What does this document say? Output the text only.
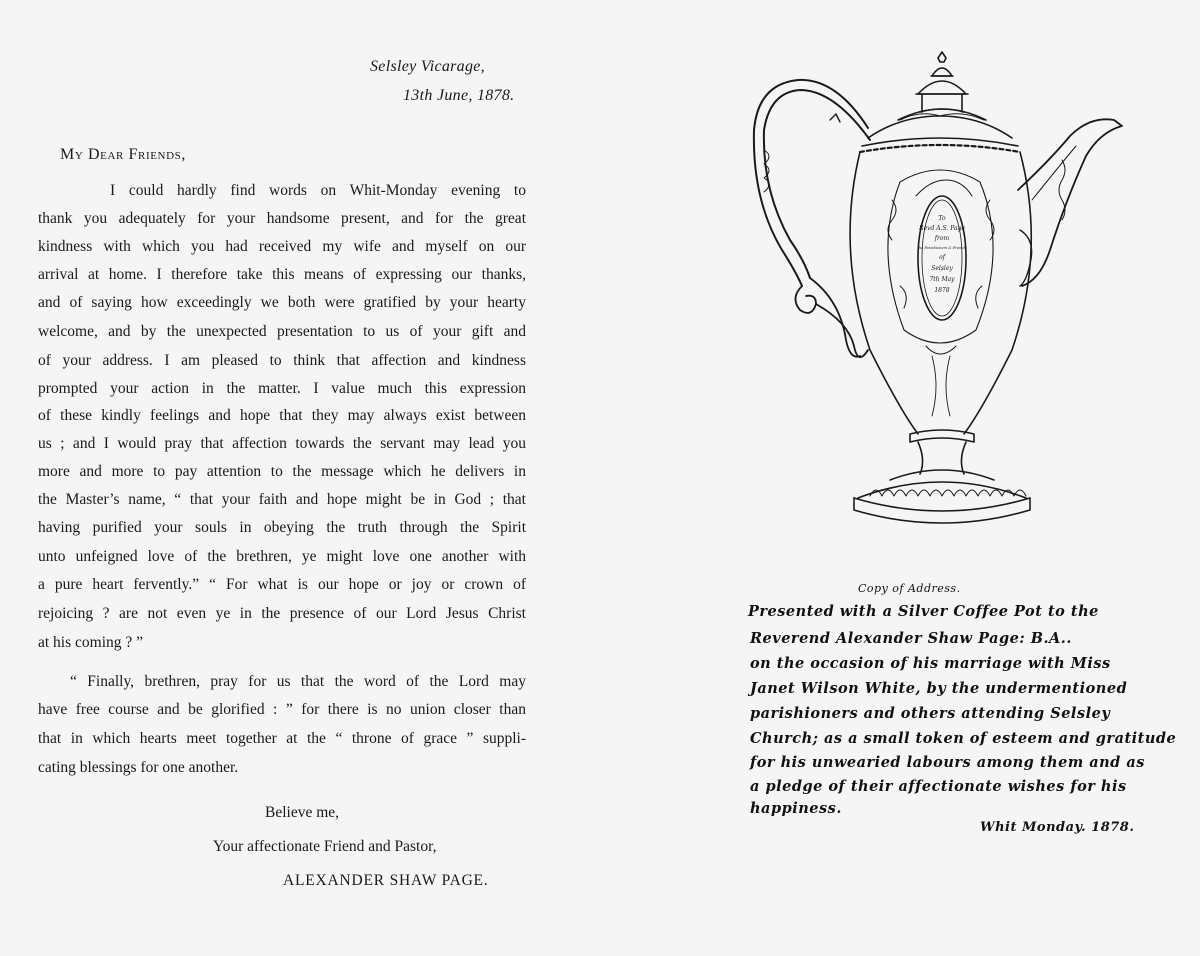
Selsley Vicarage,
13th June, 1878.
My Dear Friends,
I could hardly find words on Whit-Monday evening to
thank you adequately for your handsome present, and for the great
kindness with which you had received my wife and myself on our
arrival at home. I therefore take this means of expressing our thanks,
and of saying how exceedingly we both were gratified by your hearty
welcome, and by the unexpected presentation to us of your gift and
of your address. I am pleased to think that affection and kindness
prompted your action in the matter. I value much this expression
of these kindly feelings and hope that they may always exist between
us ; and I would pray that affection towards the servant may lead you
more and more to pay attention to the message which he delivers in
the Master’s name, “ that your faith and hope might be in God ; that
having purified your souls in obeying the truth through the Spirit
unto unfeigned love of the brethren, ye might love one another with
a pure heart fervently.” “ For what is our hope or joy or crown of
rejoicing ? are not even ye in the presence of our Lord Jesus Christ
at his coming ? ”
“ Finally, brethren, pray for us that the word of the Lord may
have free course and be glorified : ” for there is no union closer than
that in which hearts meet together at the “ throne of grace ” suppli-
cating blessings for one another.
Believe me,
Your affectionate Friend and Pastor,
ALEXANDER SHAW PAGE.
To
Revd A.S. Page
from
the Parishioners & Friends
of
Selsley
7th May
1878
Copy of Address.
Presented with a Silver Coffee Pot to the
Reverend Alexander Shaw Page: B.A..
on the occasion of his marriage with Miss
Janet Wilson White, by the undermentioned
parishioners and others attending Selsley
Church; as a small token of esteem and gratitude
for his unwearied labours among them and as
a pledge of their affectionate wishes for his
happiness.
Whit Monday. 1878.
